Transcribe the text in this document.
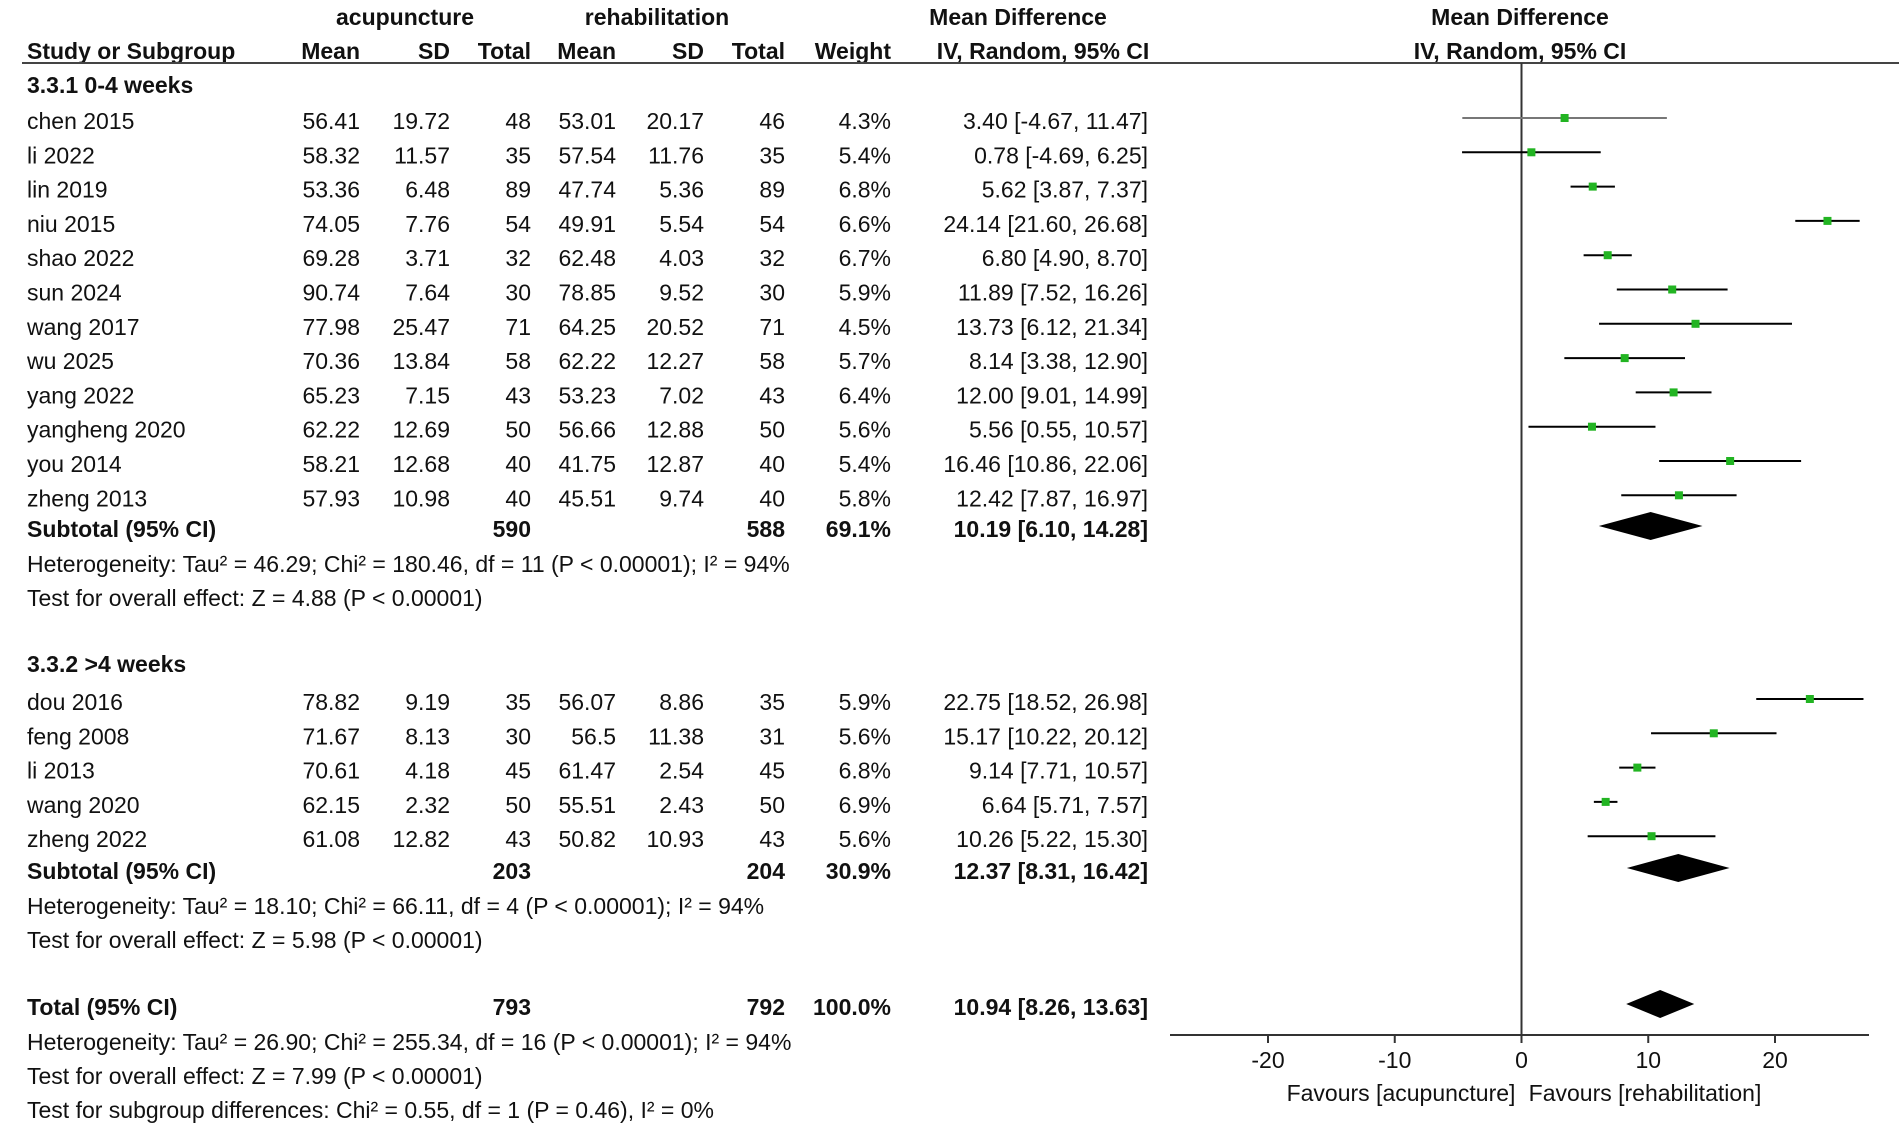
acupuncture	rehabilitation	Mean Difference	Mean Difference
Study or Subgroup	Mean	SD Total Mean SD Total Weight IV, Random, 95% CI	IV, Random, 95% CI
3.3.1 0-4 weeks
chen 2015	56.41 19.72 48 53.01 20.17 46 4.3%	3.40 [-4.67, 11.47]
li 2022	58.32 11.57 35 57.54 11.76 35 5.4%	0.78 [-4.69, 6.25]
lin 2019	53.36 6.48 89 47.74 5.36 89 6.8%	5.62 [3.87, 7.37]
niu 2015	74.05 7.76 54 49.91 5.54 54 6.6% 24.14 [21.60, 26.68]
shao 2022	69.28 3.71 32 62.48 4.03 32 6.7%	6.80 [4.90, 8.70]
sun 2024	90.74 7.64 30 78.85 9.52 30 5.9%	11.89 [7.52, 16.26]
wang 2017	77.98 25.47 71 64.25 20.52 71 4.5%	13.73 [6.12, 21.34]
wu 2025	70.36 13.84 58 62.22 12.27 58 5.7%	8.14 [3.38, 12.90]
yang 2022	65.23 7.15 43 53.23 7.02 43 6.4%	12.00 [9.01, 14.99]
yangheng 2020	62.22 12.69 50 56.66 12.88 50 5.6%	5.56 [0.55, 10.57]
you 2014	58.21 12.68 40 41.75 12.87 40 5.4% 16.46 [10.86, 22.06]
zheng 2013	57.93 10.98 40 45.51 9.74 40 5.8%	12.42 [7.87, 16.97]
Subtotal (95% CI)	590	588 69.1%	10.19 [6.10, 14.28]
Heterogeneity: Tau² = 46.29; Chi² = 180.46, df = 11 (P < 0.00001); I² = 94%
Test for overall effect: Z = 4.88 (P < 0.00001)
3.3.2 >4 weeks
dou 2016	78.82 9.19 35 56.07 8.86 35 5.9% 22.75 [18.52, 26.98]
feng 2008	71.67 8.13 30 56.5 11.38 31 5.6% 15.17 [10.22, 20.12]
li 2013	70.61 4.18 45 61.47 2.54 45 6.8%	9.14 [7.71, 10.57]
wang 2020	62.15 2.32 50 55.51 2.43 50 6.9%	6.64 [5.71, 7.57]
zheng 2022	61.08 12.82 43 50.82 10.93 43 5.6%	10.26 [5.22, 15.30]
Subtotal (95% CI)	203	204 30.9%	12.37 [8.31, 16.42]
Heterogeneity: Tau² = 18.10; Chi² = 66.11, df = 4 (P < 0.00001); I² = 94%
Test for overall effect: Z = 5.98 (P < 0.00001)
Total (95% CI)	793	792 100.0%	10.94 [8.26, 13.63]
Heterogeneity: Tau² = 26.90; Chi² = 255.34, df = 16 (P < 0.00001); I² = 94%
Test for overall effect: Z = 7.99 (P < 0.00001)
Test for subgroup differences: Chi² = 0.55, df = 1 (P = 0.46), I² = 0%
-20	-10	0	10	20
Favours [acupuncture] Favours [rehabilitation]
